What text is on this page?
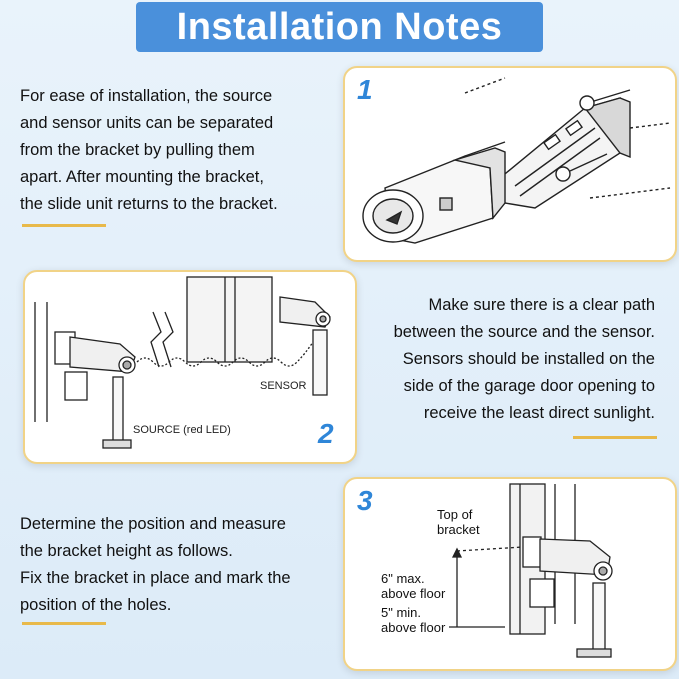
Installation Notes
For ease of installation, the source
and sensor units can be separated
from the bracket by pulling them
apart. After mounting the bracket,
the slide unit returns to the bracket.
1
2
SENSOR
SOURCE (red LED)
Make sure there is a clear path
between the source and the sensor.
Sensors should be installed on the
side of the garage door opening to
receive the least direct sunlight.
Determine the position and measure
the bracket height as follows.
Fix the bracket in place and mark the
position of the holes.
3	Top of
bracket
6" max.
above floor
5" min.
above floor
